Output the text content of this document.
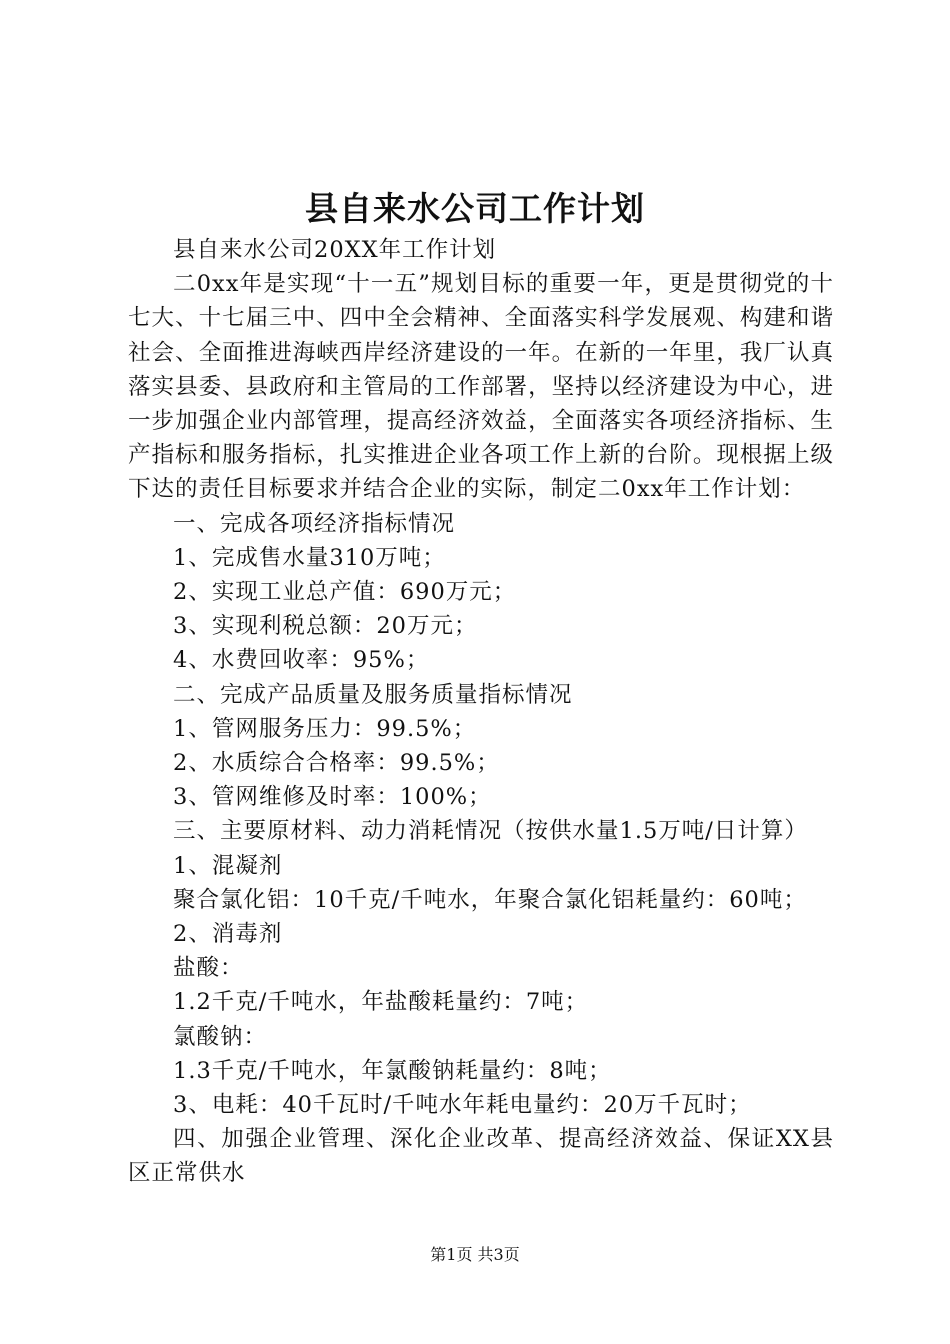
县自来水公司工作计划

县自来水公司20XX年工作计划

二0xx年是实现“十一五”规划目标的重要一年，更是贯彻党的十七大、十七届三中、四中全会精神、全面落实科学发展观、构建和谐社会、全面推进海峡西岸经济建设的一年。在新的一年里，我厂认真落实县委、县政府和主管局的工作部署，坚持以经济建设为中心，进一步加强企业内部管理，提高经济效益，全面落实各项经济指标、生产指标和服务指标，扎实推进企业各项工作上新的台阶。现根据上级下达的责任目标要求并结合企业的实际，制定二0xx年工作计划：

一、完成各项经济指标情况

1、完成售水量310万吨；

2、实现工业总产值：690万元；

3、实现利税总额：20万元；

4、水费回收率：95%；

二、完成产品质量及服务质量指标情况

1、管网服务压力：99.5%；

2、水质综合合格率：99.5%；

3、管网维修及时率：100%；

三、主要原材料、动力消耗情况（按供水量1.5万吨/日计算）

1、混凝剂

聚合氯化铝：10千克/千吨水，年聚合氯化铝耗量约：60吨；

2、消毒剂

盐酸：

1.2千克/千吨水，年盐酸耗量约：7吨；

氯酸钠：

1.3千克/千吨水，年氯酸钠耗量约：8吨；

3、电耗：40千瓦时/千吨水年耗电量约：20万千瓦时；

四、加强企业管理、深化企业改革、提高经济效益、保证XX县区正常供水

第1页 共3页
